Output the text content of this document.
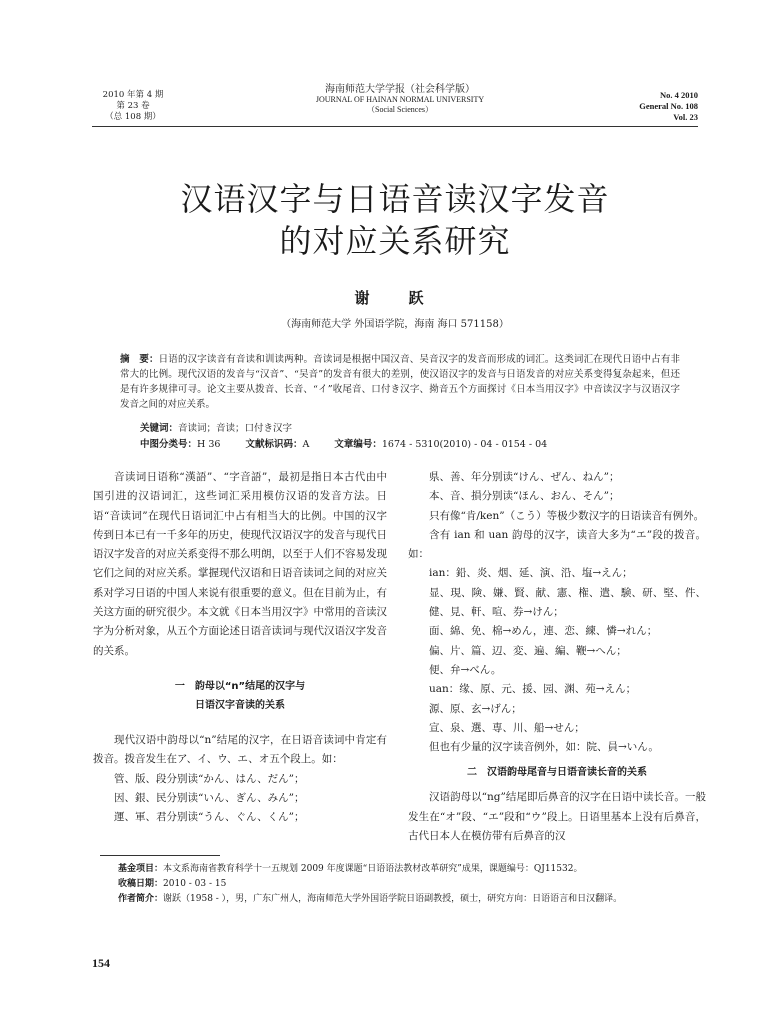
2010 年第 4 期
第 23 卷
（总 108 期）
海南师范大学学报（社会科学版）
JOURNAL OF HAINAN NORMAL UNIVERSITY
（Social Sciences）
No. 4 2010
General No. 108
Vol. 23
汉语汉字与日语音读汉字发音
的对应关系研究
谢　跃
（海南师范大学 外国语学院，海南 海口 571158）
摘　要：日语的汉字读音有音读和训读两种。音读词是根据中国汉音、吴音汉字的发音而形成的词汇。这类词汇在现代日语中占有非常大的比例。现代汉语的发音与“汉音”、“吴音”的发音有很大的差别，使汉语汉字的发音与日语发音的对应关系变得复杂起来，但还是有许多规律可寻。论文主要从拨音、长音、“イ”收尾音、口付き汉字、拗音五个方面探讨《日本当用汉字》中音读汉字与汉语汉字发音之间的对应关系。
关键词：音读词；音读；口付き汉字
中图分类号：H 36	文献标识码：A	文章编号：1674 - 5310(2010) - 04 - 0154 - 04

音读词日语称“漢語”、“字音語”，最初是指日本古代由中国引进的汉语词汇，这些词汇采用模仿汉语的发音方法。日语“音读词”在现代日语词汇中占有相当大的比例。中国的汉字传到日本已有一千多年的历史，使现代汉语汉字的发音与现代日语汉字发音的对应关系变得不那么明朗，以至于人们不容易发现它们之间的对应关系。掌握现代汉语和日语音读词之间的对应关系对学习日语的中国人来说有很重要的意义。但在目前为止，有关这方面的研究很少。本文就《日本当用汉字》中常用的音读汉字为分析对象，从五个方面论述日语音读词与现代汉语汉字发音的关系。

一　韵母以“n”结尾的汉字与
日语汉字音读的关系

现代汉语中韵母以“n”结尾的汉字，在日语音读词中肯定有拨音。拨音发生在ア、イ、ウ、エ、オ五个段上。如：

管、版、段分别读“かん、はん、だん”；

因、銀、民分别读“いん、ぎん、みん”；

運、軍、君分别读“うん、ぐん、くん”；

県、善、年分别读“けん、ぜん、ねん”；

本、音、損分别读“ほん、おん、そん”；

只有像“肯/ken”（こう）等极少数汉字的日语读音有例外。

含有 ian 和 uan 韵母的汉字，读音大多为“エ”段的拨音。如：

ian：鉛、炎、烟、延、演、沿、塩→えん；

显、現、険、嫌、賢、献、憲、権、遣、験、研、堅、件、健、見、軒、喧、券→けん；

面、綿、免、棉→めん，連、恋、練、憐→れん；

偏、片、篇、辺、変、遍、編、鞭→へん；

便、弁→べん。

uan：缘、原、元、援、园、渊、苑→えん；

源、原、玄→げん；

宣、泉、選、専、川、船→せん；

但也有少量的汉字读音例外，如：院、員→いん。

二　汉语韵母尾音与日语音读长音的关系

汉语韵母以“ng”结尾即后鼻音的汉字在日语中读长音。一般发生在“オ”段、“エ”段和“ウ”段上。日语里基本上没有后鼻音，古代日本人在模仿带有后鼻音的汉

基金项目：本文系海南省教育科学十一五规划 2009 年度课题“日语语法教材改革研究”成果，课题编号：QJ11532。
收稿日期：2010 - 03 - 15
作者简介：谢跃（1958 - ），男，广东广州人，海南师范大学外国语学院日语副教授，硕士，研究方向：日语语言和日汉翻译。
154
